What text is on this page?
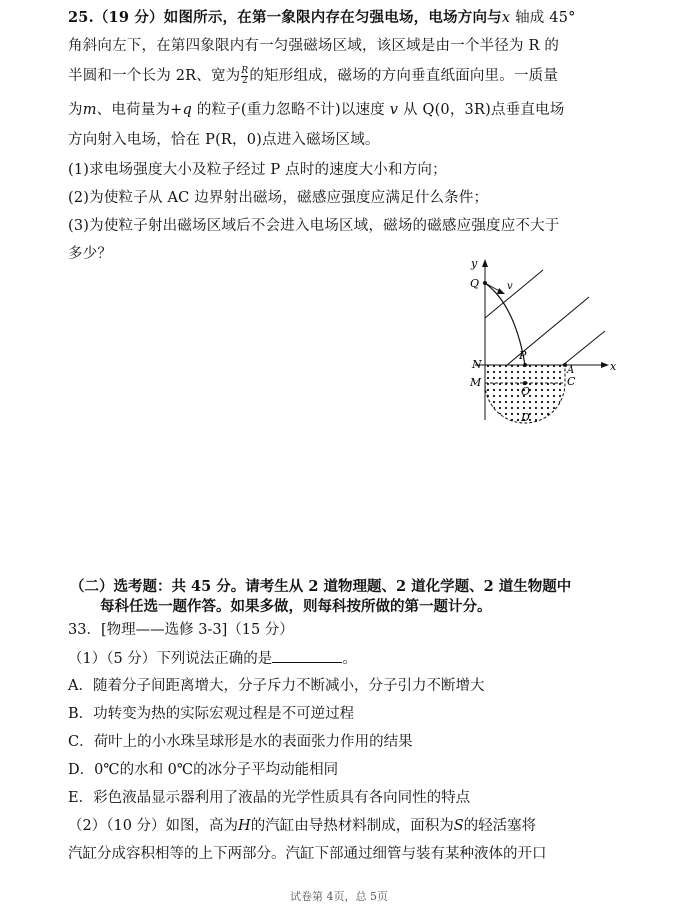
25.（19 分）如图所示，在第一象限内存在匀强电场，电场方向与x 轴成 45°
角斜向左下，在第四象限内有一匀强磁场区域，该区域是由一个半径为 R 的
半圆和一个长为 2R、宽为 $\frac{R}{2}$ 的矩形组成，磁场的方向垂直纸面向里。一质量
为m、电荷量为+q 的粒子(重力忽略不计)以速度 v 从 Q(0，3R)点垂直电场
方向射入电场，恰在 P(R，0)点进入磁场区域。
(1)求电场强度大小及粒子经过 P 点时的速度大小和方向；
(2)为使粒子从 AC 边界射出磁场，磁感应强度应满足什么条件；
(3)为使粒子射出磁场区域后不会进入电场区域，磁场的磁感应强度应不大于
多少？
y
x
Q	v
N
P
A
M
O
C
D
（二）选考题：共 45 分。请考生从 2 道物理题、2 道化学题、2 道生物题中
每科任选一题作答。如果多做，则每科按所做的第一题计分。
33．[物理——选修 3-3]（15 分）
（1）（5 分）下列说法正确的是	。
A．随着分子间距离增大，分子斥力不断减小，分子引力不断增大
B．功转变为热的实际宏观过程是不可逆过程
C．荷叶上的小水珠呈球形是水的表面张力作用的结果
D．0℃的水和 0℃的冰分子平均动能相同
E．彩色液晶显示器利用了液晶的光学性质具有各向同性的特点
（2）（10 分）如图，高为H的汽缸由导热材料制成，面积为S的轻活塞将
汽缸分成容积相等的上下两部分。汽缸下部通过细管与装有某种液体的开口
试卷第 4页，总 5页
